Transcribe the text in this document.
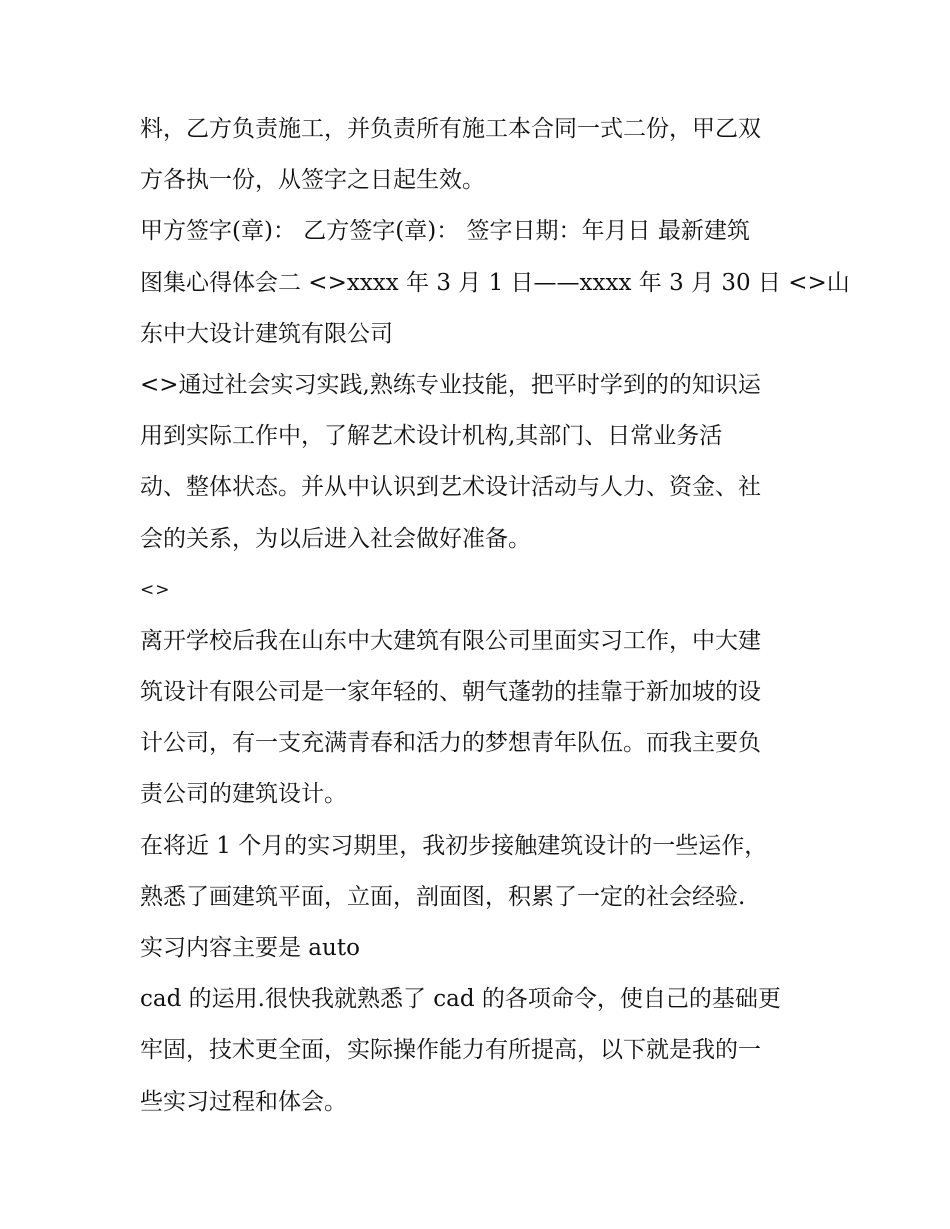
料，乙方负责施工，并负责所有施工本合同一式二份，甲乙双
方各执一份，从签字之日起生效。
甲方签字(章)： 乙方签字(章)： 签字日期：年月日 最新建筑
图集心得体会二 <>xxxx 年 3 月 1 日——xxxx 年 3 月 30 日 <>山
东中大设计建筑有限公司
<>通过社会实习实践,熟练专业技能，把平时学到的的知识运
用到实际工作中，了解艺术设计机构,其部门、日常业务活
动、整体状态。并从中认识到艺术设计活动与人力、资金、社
会的关系，为以后进入社会做好准备。
<>
离开学校后我在山东中大建筑有限公司里面实习工作，中大建
筑设计有限公司是一家年轻的、朝气蓬勃的挂靠于新加坡的设
计公司，有一支充满青春和活力的梦想青年队伍。而我主要负
责公司的建筑设计。
在将近 1 个月的实习期里，我初步接触建筑设计的一些运作，
熟悉了画建筑平面，立面，剖面图，积累了一定的社会经验.
实习内容主要是 auto
cad 的运用.很快我就熟悉了 cad 的各项命令，使自己的基础更
牢固，技术更全面，实际操作能力有所提高，以下就是我的一
些实习过程和体会。
